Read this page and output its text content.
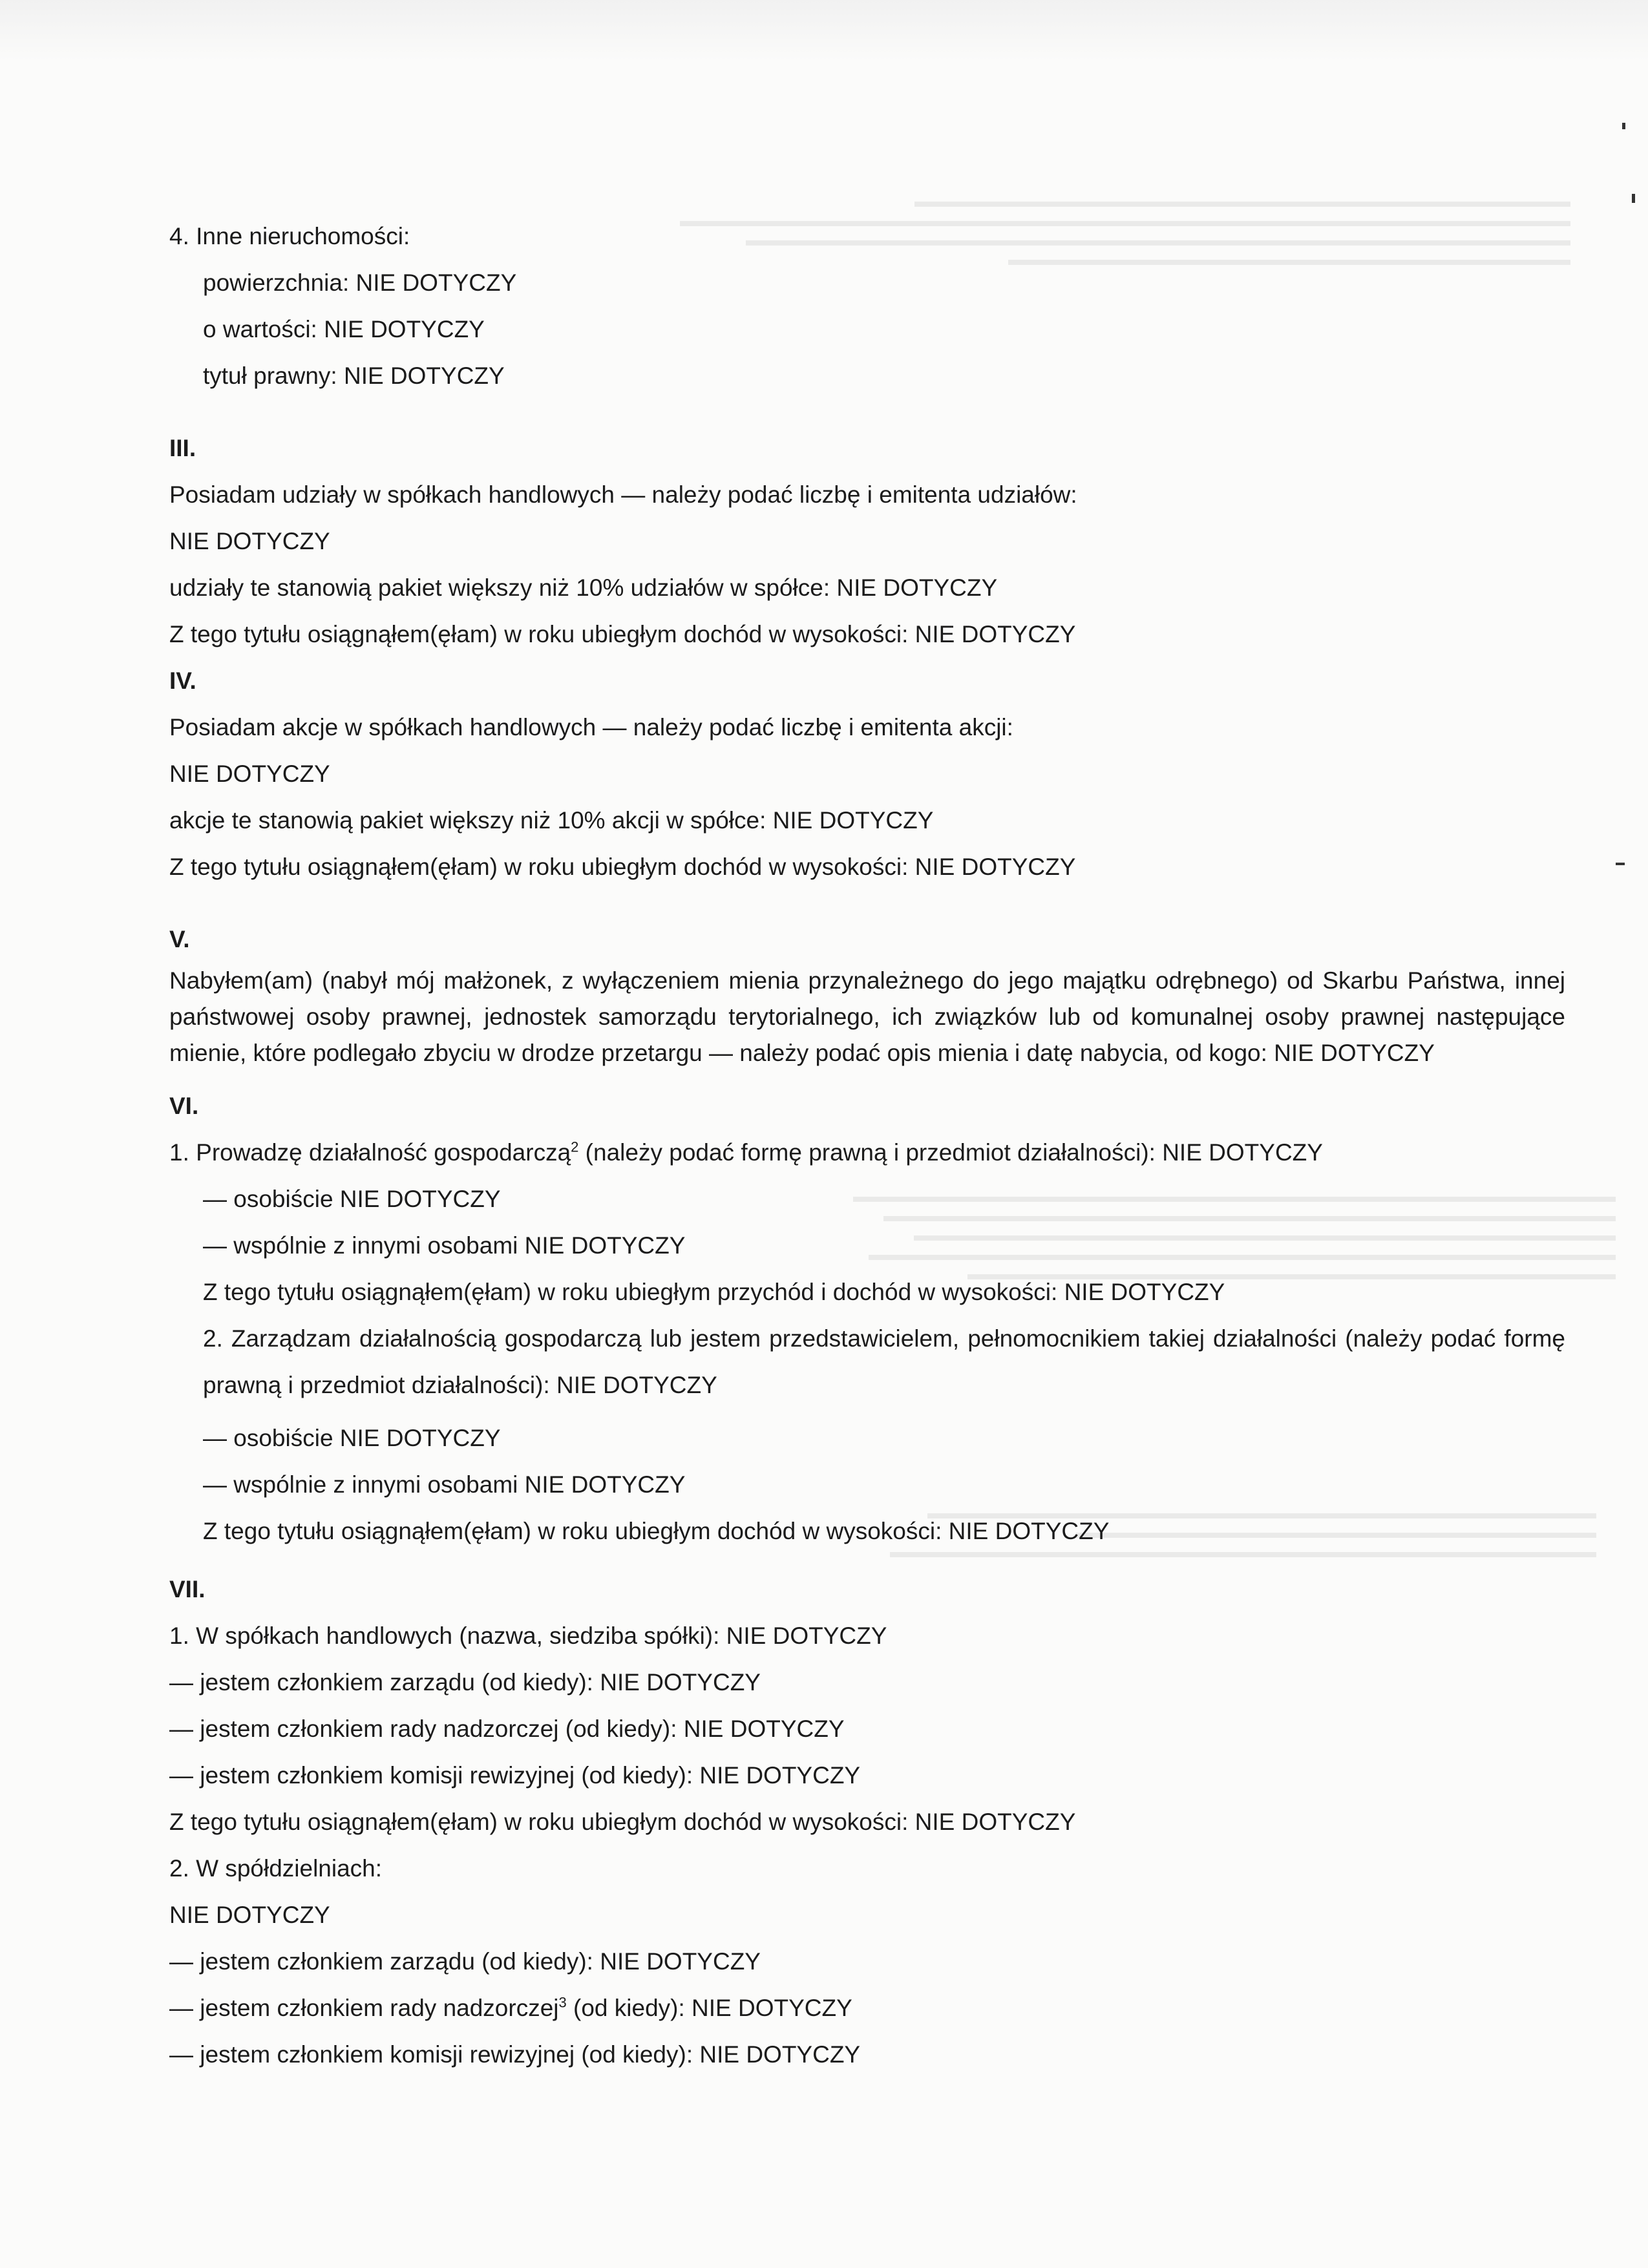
4. Inne nieruchomości:

powierzchnia: NIE DOTYCZY

o wartości: NIE DOTYCZY

tytuł prawny: NIE DOTYCZY

III.

Posiadam udziały w spółkach handlowych — należy podać liczbę i emitenta udziałów:

NIE DOTYCZY

udziały te stanowią pakiet większy niż 10% udziałów w spółce: NIE DOTYCZY

Z tego tytułu osiągnąłem(ęłam) w roku ubiegłym dochód w wysokości: NIE DOTYCZY

IV.

Posiadam akcje w spółkach handlowych — należy podać liczbę i emitenta akcji:

NIE DOTYCZY

akcje te stanowią pakiet większy niż 10% akcji w spółce: NIE DOTYCZY

Z tego tytułu osiągnąłem(ęłam) w roku ubiegłym dochód w wysokości: NIE DOTYCZY

V.

Nabyłem(am) (nabył mój małżonek, z wyłączeniem mienia przynależnego do jego majątku odrębnego) od Skarbu Państwa, innej państwowej osoby prawnej, jednostek samorządu terytorialnego, ich związków lub od komunalnej osoby prawnej następujące mienie, które podlegało zbyciu w drodze przetargu — należy podać opis mienia i datę nabycia, od kogo: NIE DOTYCZY

VI.

1. Prowadzę działalność gospodarczą$^2$ (należy podać formę prawną i przedmiot działalności): NIE DOTYCZY

— osobiście NIE DOTYCZY

— wspólnie z innymi osobami NIE DOTYCZY

Z tego tytułu osiągnąłem(ęłam) w roku ubiegłym przychód i dochód w wysokości: NIE DOTYCZY

2. Zarządzam działalnością gospodarczą lub jestem przedstawicielem, pełnomocnikiem takiej działalności (należy podać formę prawną i przedmiot działalności): NIE DOTYCZY

— osobiście NIE DOTYCZY

— wspólnie z innymi osobami NIE DOTYCZY

Z tego tytułu osiągnąłem(ęłam) w roku ubiegłym dochód w wysokości: NIE DOTYCZY

VII.

1. W spółkach handlowych (nazwa, siedziba spółki): NIE DOTYCZY

— jestem członkiem zarządu (od kiedy): NIE DOTYCZY

— jestem członkiem rady nadzorczej (od kiedy): NIE DOTYCZY

— jestem członkiem komisji rewizyjnej (od kiedy): NIE DOTYCZY

Z tego tytułu osiągnąłem(ęłam) w roku ubiegłym dochód w wysokości: NIE DOTYCZY

2. W spółdzielniach:

NIE DOTYCZY

— jestem członkiem zarządu (od kiedy): NIE DOTYCZY

— jestem członkiem rady nadzorczej$^3$ (od kiedy): NIE DOTYCZY

— jestem członkiem komisji rewizyjnej (od kiedy): NIE DOTYCZY
